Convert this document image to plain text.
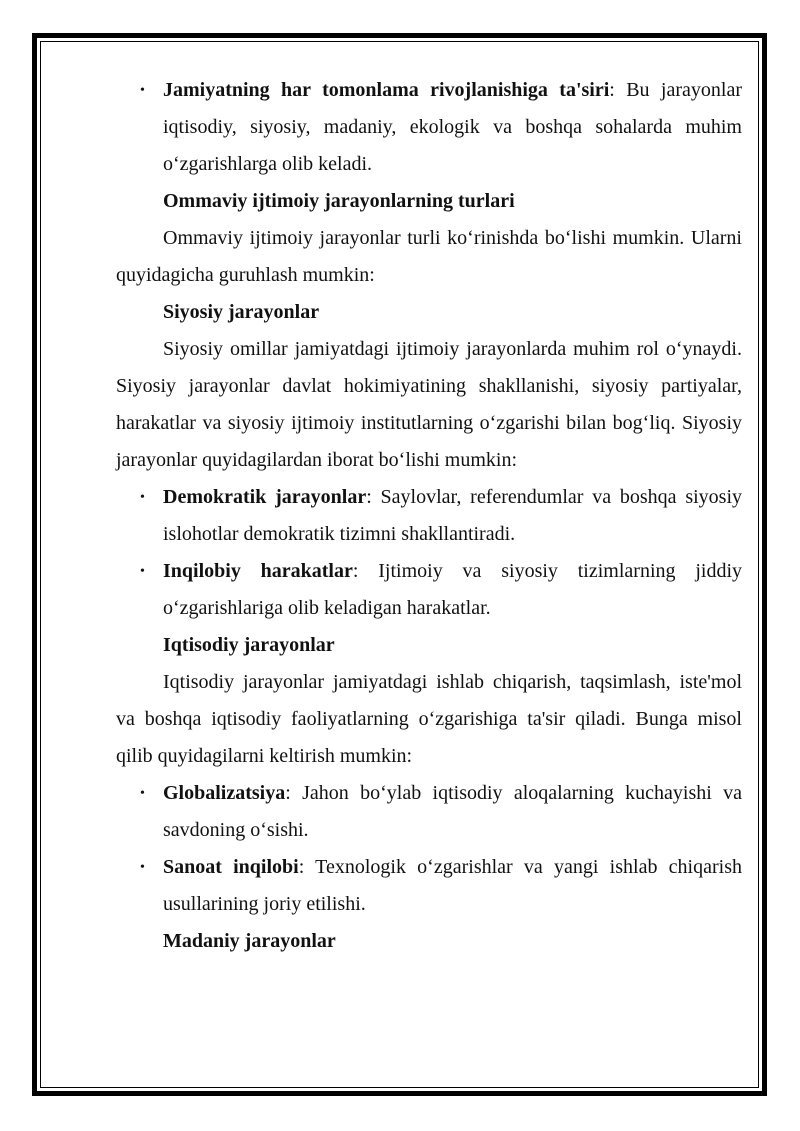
• Jamiyatning har tomonlama rivojlanishiga ta'siri: Bu jarayonlar iqtisodiy, siyosiy, madaniy, ekologik va boshqa sohalarda muhim o‘zgarishlarga olib keladi.
Ommaviy ijtimoiy jarayonlarning turlari
Ommaviy ijtimoiy jarayonlar turli ko‘rinishda bo‘lishi mumkin. Ularni quyidagicha guruhlash mumkin:
Siyosiy jarayonlar
Siyosiy omillar jamiyatdagi ijtimoiy jarayonlarda muhim rol o‘ynaydi. Siyosiy jarayonlar davlat hokimiyatining shakllanishi, siyosiy partiyalar, harakatlar va siyosiy ijtimoiy institutlarning o‘zgarishi bilan bog‘liq. Siyosiy jarayonlar quyidagilardan iborat bo‘lishi mumkin:
• Demokratik jarayonlar: Saylovlar, referendumlar va boshqa siyosiy islohotlar demokratik tizimni shakllantiradi.
• Inqilobiy harakatlar: Ijtimoiy va siyosiy tizimlarning jiddiy o‘zgarishlariga olib keladigan harakatlar.
Iqtisodiy jarayonlar
Iqtisodiy jarayonlar jamiyatdagi ishlab chiqarish, taqsimlash, iste'mol va boshqa iqtisodiy faoliyatlarning o‘zgarishiga ta'sir qiladi. Bunga misol qilib quyidagilarni keltirish mumkin:
• Globalizatsiya: Jahon bo‘ylab iqtisodiy aloqalarning kuchayishi va savdoning o‘sishi.
• Sanoat inqilobi: Texnologik o‘zgarishlar va yangi ishlab chiqarish usullarining joriy etilishi.
Madaniy jarayonlar
